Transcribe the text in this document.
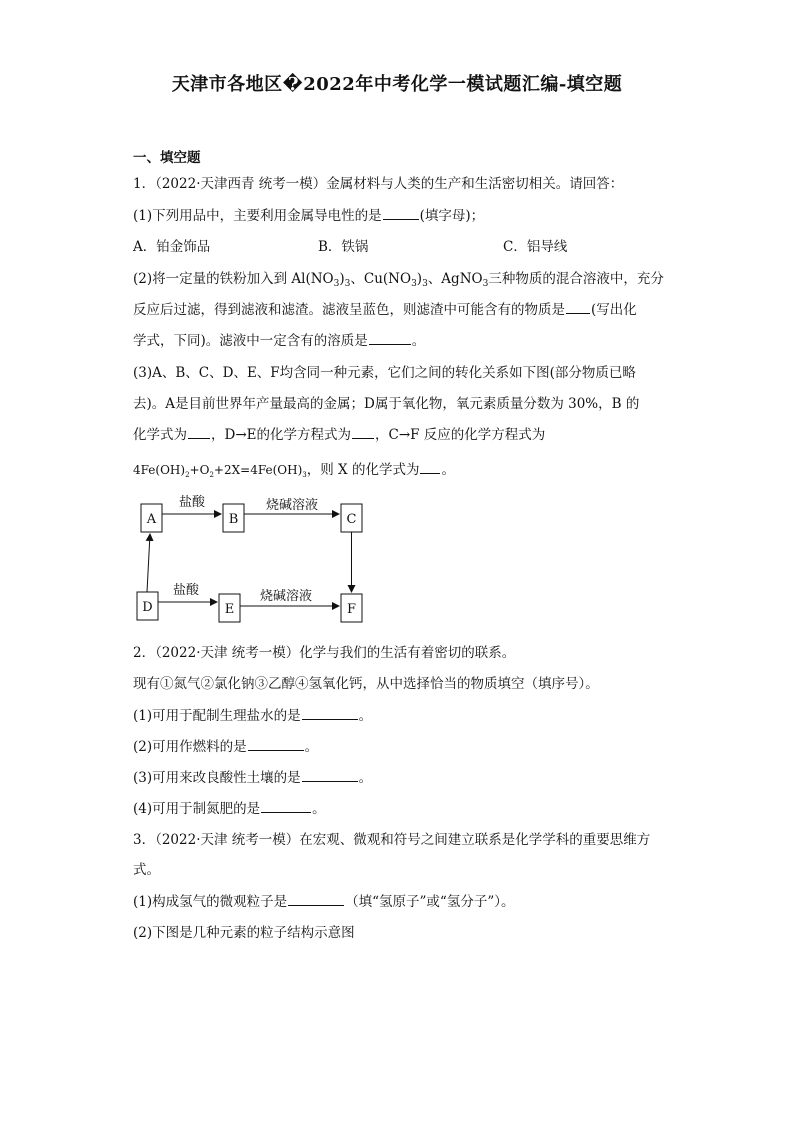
天津市各地区�2022年中考化学一模试题汇编-填空题
一、填空题
1．（2022·天津西青 统考一模）金属材料与人类的生产和生活密切相关。请回答：
(1)下列用品中，主要利用金属导电性的是	(填字母)；
A．铂金饰品	B．铁锅	C．铝导线
(2)将一定量的铁粉加入到 $Al(NO_3)_3$、$Cu(NO_3)_3$、AgNO$_3$三种物质的混合溶液中，充分
反应后过滤，得到滤液和滤渣。滤液呈蓝色，则滤渣中可能含有的物质是 (写出化
学式，下同)。滤液中一定含有的溶质是	。
(3)A、B、C、D、E、F均含同一种元素，它们之间的转化关系如下图(部分物质已略
去)。A是目前世界年产量最高的金属；D属于氧化物，氧元素质量分数为 30%，B 的
化学式为 ，D→E的化学方程式为 ，C→F 反应的化学方程式为
$4Fe(OH)_2+O_2+2X=4Fe(OH)_3$，则 X 的化学式为 。
A	B	C
D	E	F
盐酸	烧碱溶液
盐酸	烧碱溶液
2．（2022·天津 统考一模）化学与我们的生活有着密切的联系。
现有①氮气②氯化钠③乙醇④氢氧化钙，从中选择恰当的物质填空（填序号）。
(1)可用于配制生理盐水的是	。
(2)可用作燃料的是	。
(3)可用来改良酸性土壤的是	。
(4)可用于制氮肥的是	。
3．（2022·天津 统考一模）在宏观、微观和符号之间建立联系是化学学科的重要思维方
式。
(1)构成氢气的微观粒子是	（填“氢原子”或“氢分子”）。
(2)下图是几种元素的粒子结构示意图
